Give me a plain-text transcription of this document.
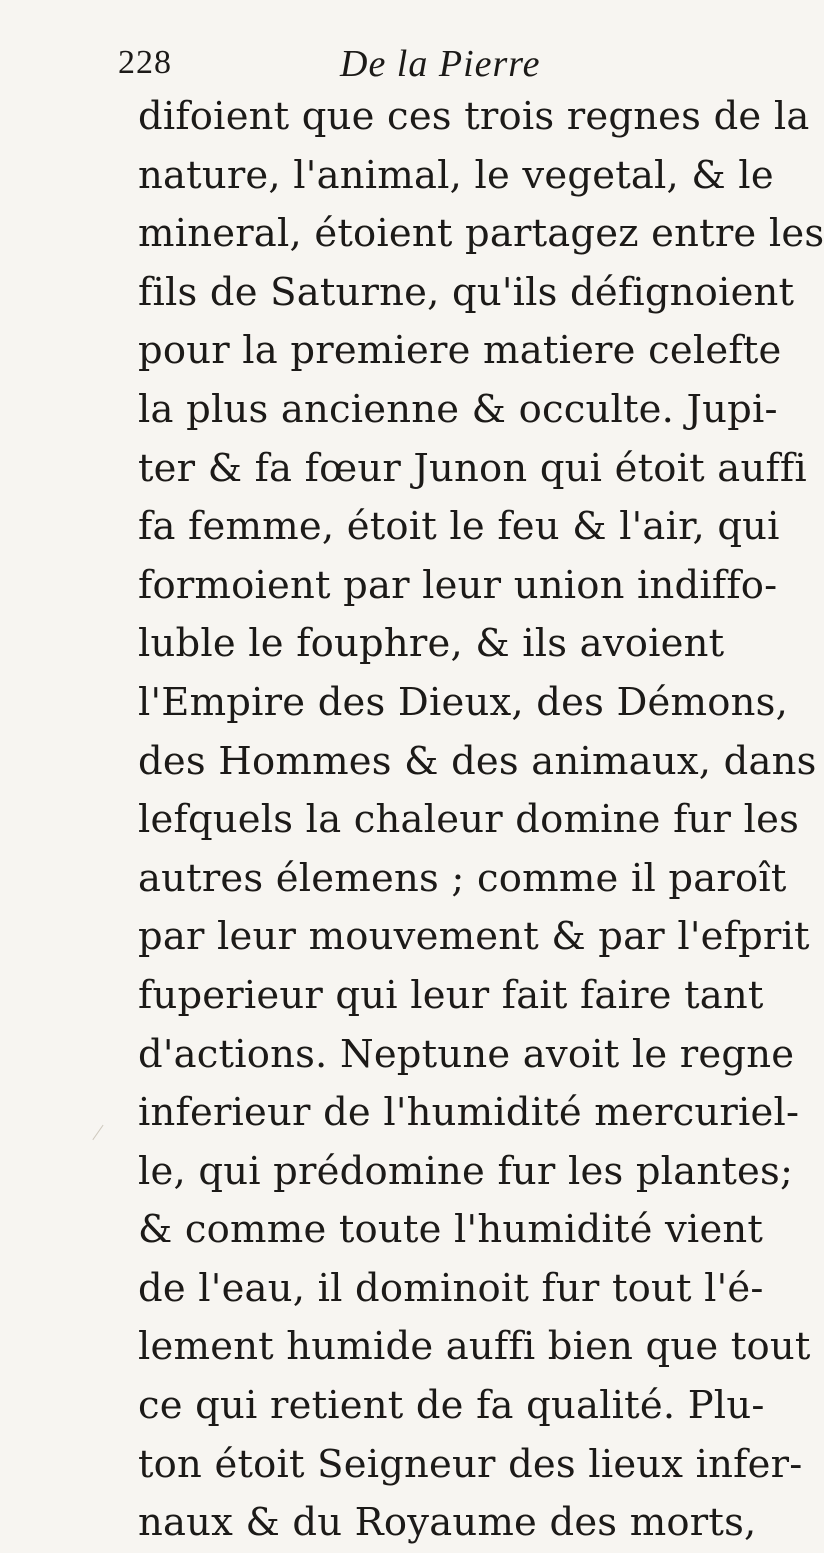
228	De la Pierre
difoient que ces trois regnes de la
nature, l'animal, le vegetal, & le
mineral, étoient partagez entre les
fils de Saturne, qu'ils défignoient
pour la premiere matiere celefte
la plus ancienne & occulte. Jupi-
ter & fa fœur Junon qui étoit auffi
fa femme, étoit le feu & l'air, qui
formoient par leur union indiffo-
luble le fouphre, & ils avoient
l'Empire des Dieux, des Démons,
des Hommes & des animaux, dans
lefquels la chaleur domine fur les
autres élemens ; comme il paroît
par leur mouvement & par l'efprit
fuperieur qui leur fait faire tant
d'actions. Neptune avoit le regne
inferieur de l'humidité mercuriel-
le, qui prédomine fur les plantes;
& comme toute l'humidité vient
de l'eau, il dominoit fur tout l'é-
lement humide auffi bien que tout
ce qui retient de fa qualité. Plu-
ton étoit Seigneur des lieux infer-
naux & du Royaume des morts,
